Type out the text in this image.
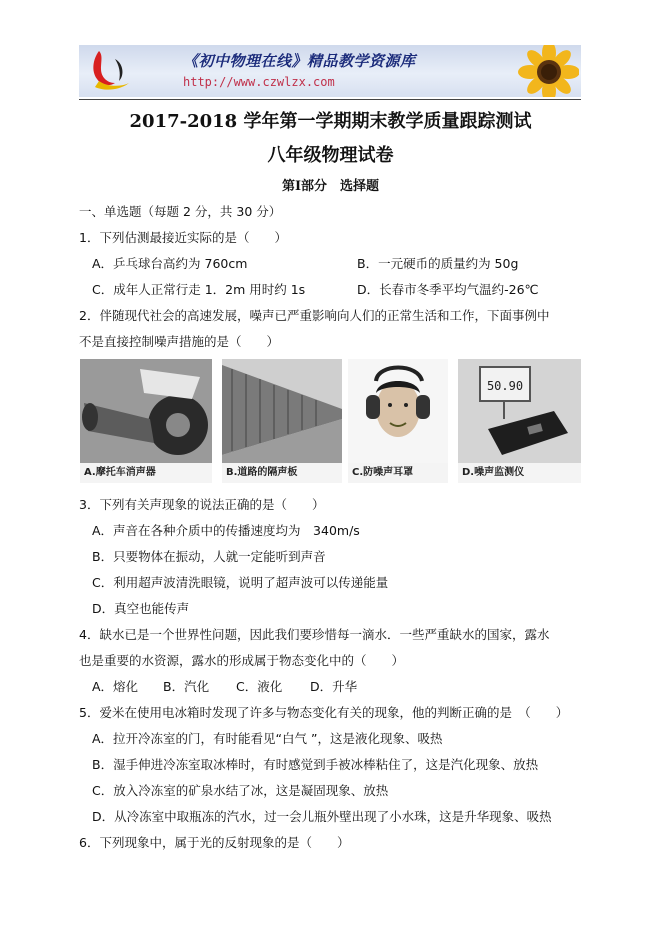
《初中物理在线》精品教学资源库
http://www.czwlzx.com
2017-2018 学年第一学期期末教学质量跟踪测试
八年级物理试卷
第Ⅰ部分　选择题
一、单选题（每题 2 分，共 30 分）
1．下列估测最接近实际的是（　　）
A．乒乓球台高约为 760cm	B．一元硬币的质量约为 50g
C．成年人正常行走 1．2m 用时约 1s	D．长春市冬季平均气温约-26℃
2．伴随现代社会的高速发展，噪声已严重影响向人们的正常生活和工作，下面事例中
不是直接控制噪声措施的是（　　）
A.摩托车消声器	B.道路的隔声板	C.防噪声耳罩
50.90
D.噪声监测仪
3．下列有关声现象的说法正确的是（　　）
A．声音在各种介质中的传播速度均为　340m/s
B．只要物体在振动，人就一定能听到声音
C．利用超声波清洗眼镜，说明了超声波可以传递能量
D．真空也能传声
4．缺水已是一个世界性问题，因此我们要珍惜每一滴水．一些严重缺水的国家，露水
也是重要的水资源，露水的形成属于物态变化中的（　　）
A．熔化 B．汽化 C．液化 D．升华
5．爱米在使用电冰箱时发现了许多与物态变化有关的现象，他的判断正确的是　（　　）
A．拉开冷冻室的门，有时能看见“白气 ”，这是液化现象、吸热
B．湿手伸进冷冻室取冰棒时，有时感觉到手被冰棒粘住了，这是汽化现象、放热
C．放入冷冻室的矿泉水结了冰，这是凝固现象、放热
D．从冷冻室中取瓶冻的汽水，过一会儿瓶外壁出现了小水珠，这是升华现象、吸热
6．下列现象中，属于光的反射现象的是（　　）
